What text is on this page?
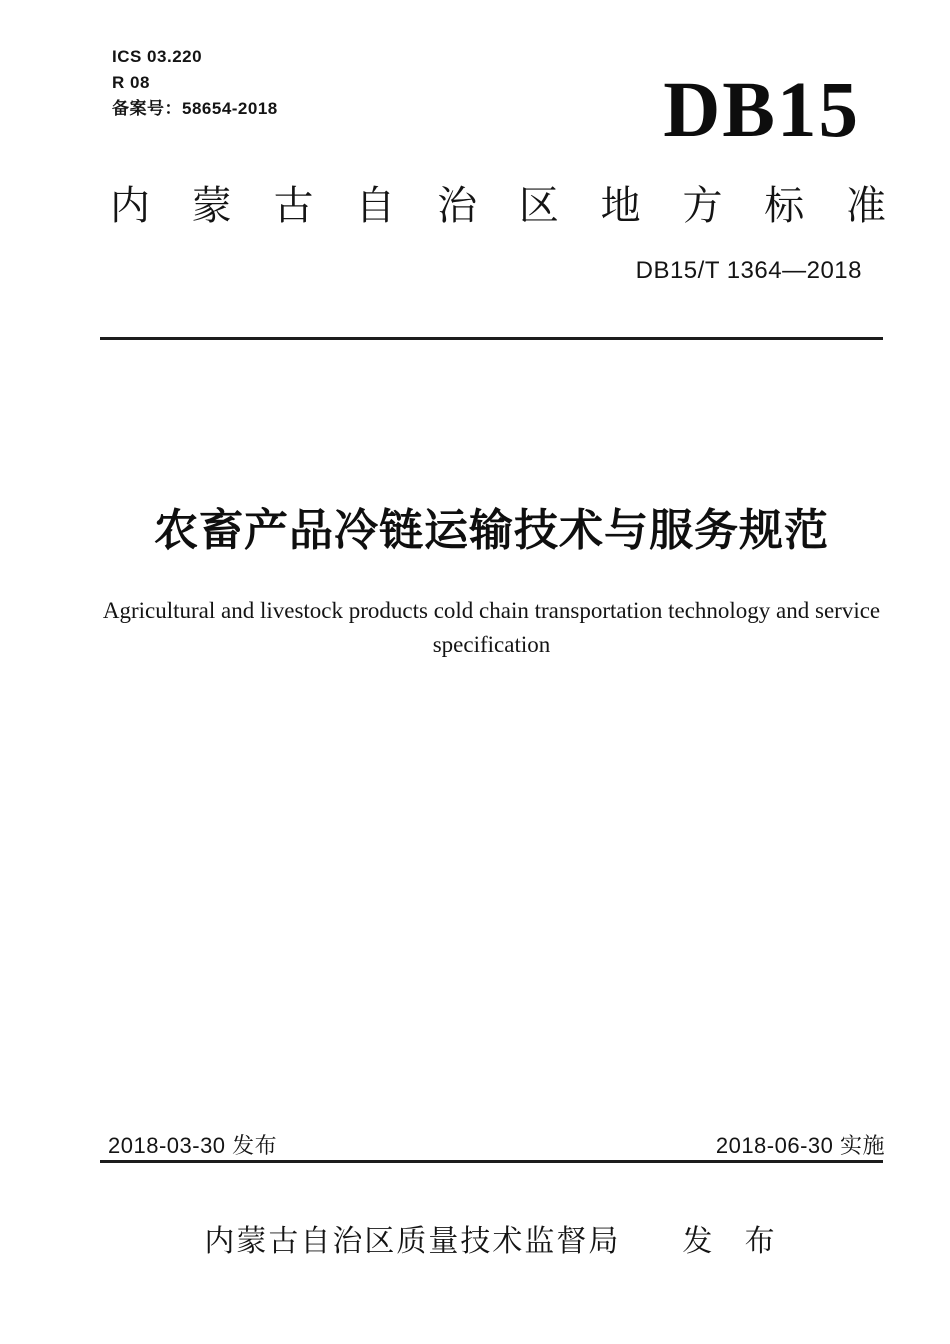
ICS 03.220
R 08
备案号：58654-2018	DB15
内蒙古自治区地方标准
DB15/T 1364—2018
农畜产品冷链运输技术与服务规范
Agricultural and livestock products cold chain transportation technology and service
specification
2018-03-30 发布	2018-06-30 实施
内蒙古自治区质量技术监督局 发 布
